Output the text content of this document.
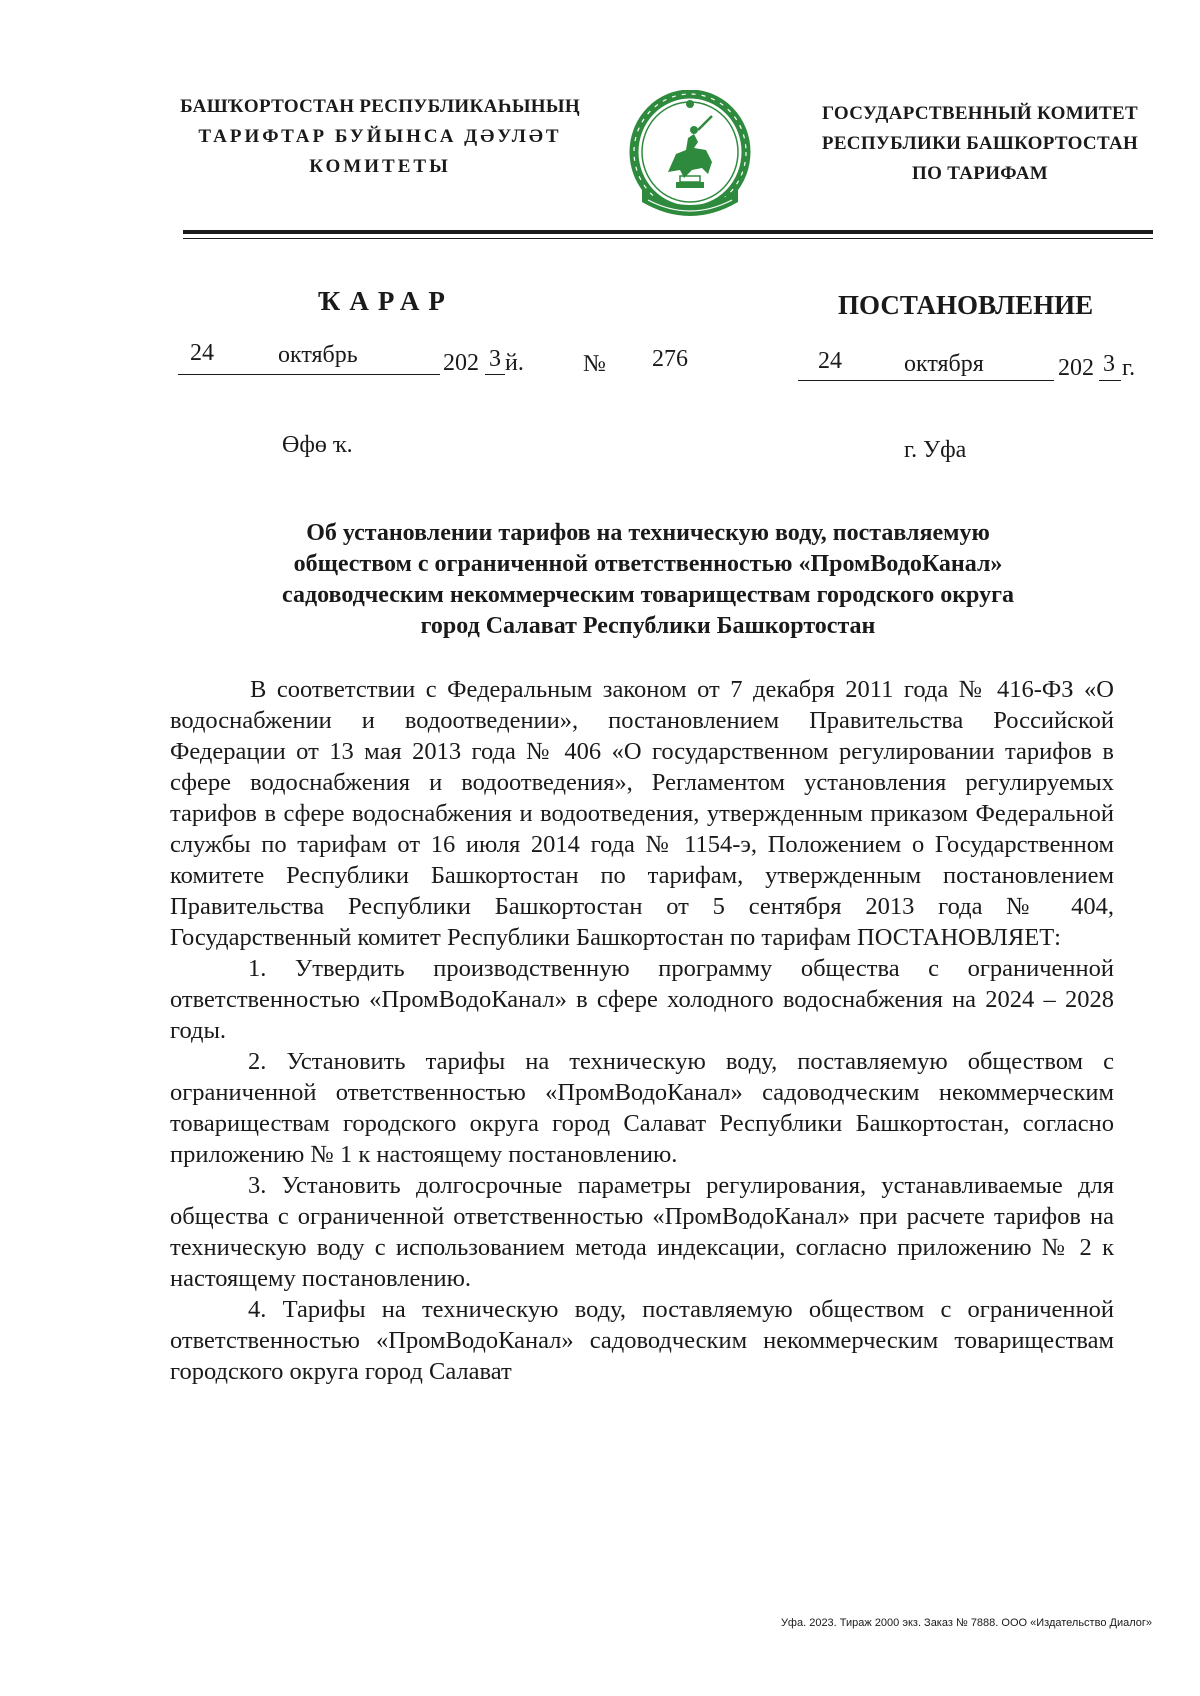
БАШҠОРТОСТАН РЕСПУБЛИКАҺЫНЫҢ
ТАРИФТАР БУЙЫНСА ДӘУЛӘТ
КОМИТЕТЫ
ГОСУДАРСТВЕННЫЙ КОМИТЕТ
РЕСПУБЛИКИ БАШКОРТОСТАН
ПО ТАРИФАМ
ҠАРАР	ПОСТАНОВЛЕНИЕ
24	октябрь	202 3 й. № 276	24	октября	202 3 г.
Өфө ҡ.	г. Уфа
Об установлении тарифов на техническую воду, поставляемую
обществом с ограниченной ответственностью «ПромВодоКанал»
садоводческим некоммерческим товариществам городского округа
город Салават Республики Башкортостан

В соответствии с Федеральным законом от 7 декабря 2011 года № 416-ФЗ «О водоснабжении и водоотведении», постановлением Правительства Российской Федерации от 13 мая 2013 года № 406 «О государственном регулировании тарифов в сфере водоснабжения и водоотведения», Регламентом установления регулируемых тарифов в сфере водоснабжения и водоотведения, утвержденным приказом Федеральной службы по тарифам от 16 июля 2014 года № 1154-э, Положением о Государственном комитете Республики Башкортостан по тарифам, утвержденным постановлением Правительства Республики Башкортостан от 5 сентября 2013 года № 404, Государственный комитет Республики Башкортостан по тарифам ПОСТАНОВЛЯЕТ:

1. Утвердить производственную программу общества с ограниченной ответственностью «ПромВодоКанал» в сфере холодного водоснабжения на 2024 – 2028 годы.

2. Установить тарифы на техническую воду, поставляемую обществом с ограниченной ответственностью «ПромВодоКанал» садоводческим некоммерческим товариществам городского округа город Салават Республики Башкортостан, согласно приложению № 1 к настоящему постановлению.

3. Установить долгосрочные параметры регулирования, устанавливаемые для общества с ограниченной ответственностью «ПромВодоКанал» при расчете тарифов на техническую воду с использованием метода индексации, согласно приложению № 2 к настоящему постановлению.

4. Тарифы на техническую воду, поставляемую обществом с ограниченной ответственностью «ПромВодоКанал» садоводческим некоммерческим товариществам городского округа город Салават

Уфа. 2023. Тираж 2000 экз. Заказ № 7888. ООО «Издательство Диалог»
